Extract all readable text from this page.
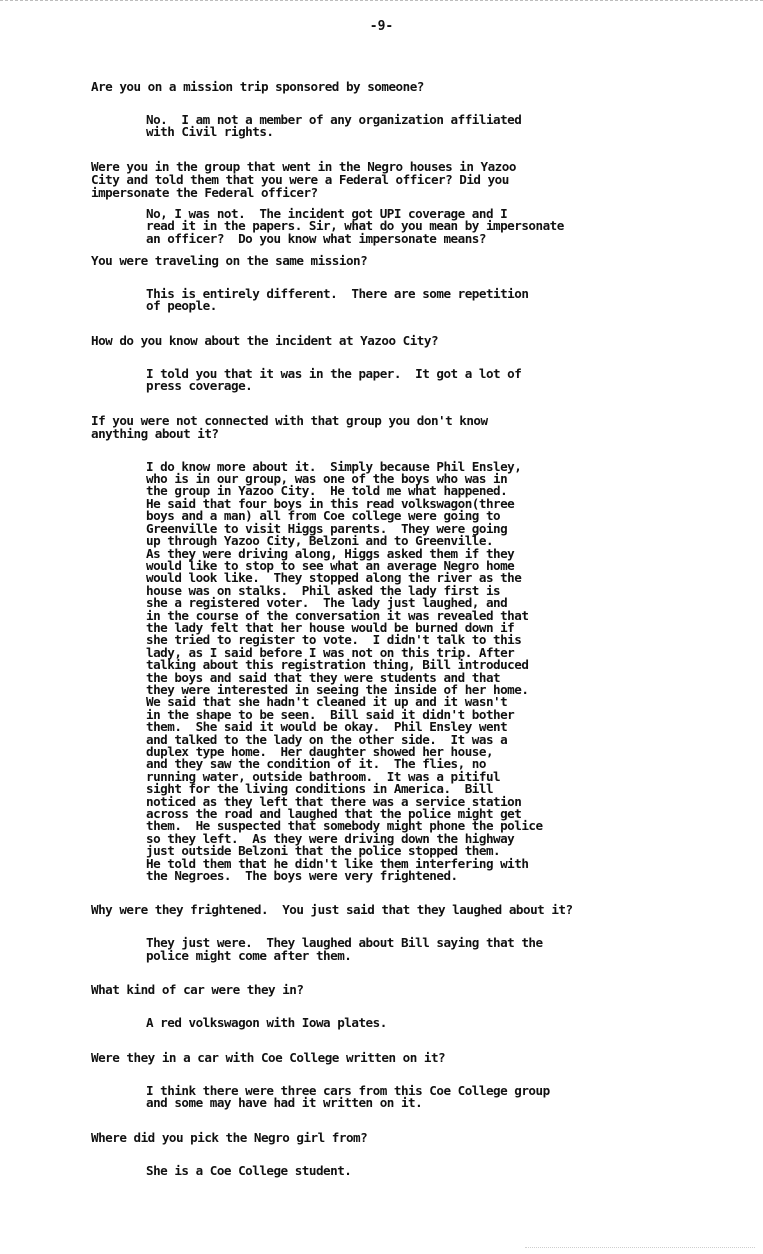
-9-

Are you on a mission trip sponsored by someone?

No.  I am not a member of any organization affiliated

with Civil rights.

Were you in the group that went in the Negro houses in Yazoo

City and told them that you were a Federal officer? Did you

impersonate the Federal officer?

No, I was not.  The incident got UPI coverage and I

read it in the papers. Sir, what do you mean by impersonate

an officer?  Do you know what impersonate means?

You were traveling on the same mission?

This is entirely different.  There are some repetition

of people.

How do you know about the incident at Yazoo City?

I told you that it was in the paper.  It got a lot of

press coverage.

If you were not connected with that group you don't know

anything about it?

I do know more about it.  Simply because Phil Ensley,

who is in our group, was one of the boys who was in

the group in Yazoo City.  He told me what happened.

He said that four boys in this read volkswagon(three

boys and a man) all from Coe college were going to

Greenville to visit Higgs parents.  They were going

up through Yazoo City, Belzoni and to Greenville.

As they were driving along, Higgs asked them if they

would like to stop to see what an average Negro home

would look like.  They stopped along the river as the

house was on stalks.  Phil asked the lady first is

she a registered voter.  The lady just laughed, and

in the course of the conversation it was revealed that

the lady felt that her house would be burned down if

she tried to register to vote.  I didn't talk to this

lady, as I said before I was not on this trip. After

talking about this registration thing, Bill introduced

the boys and said that they were students and that

they were interested in seeing the inside of her home.

We said that she hadn't cleaned it up and it wasn't

in the shape to be seen.  Bill said it didn't bother

them.  She said it would be okay.  Phil Ensley went

and talked to the lady on the other side.  It was a

duplex type home.  Her daughter showed her house,

and they saw the condition of it.  The flies, no

running water, outside bathroom.  It was a pitiful

sight for the living conditions in America.  Bill

noticed as they left that there was a service station

across the road and laughed that the police might get

them.  He suspected that somebody might phone the police

so they left.  As they were driving down the highway

just outside Belzoni that the police stopped them.

He told them that he didn't like them interfering with

the Negroes.  The boys were very frightened.

Why were they frightened.  You just said that they laughed about it?

They just were.  They laughed about Bill saying that the

police might come after them.

What kind of car were they in?

A red volkswagon with Iowa plates.

Were they in a car with Coe College written on it?

I think there were three cars from this Coe College group

and some may have had it written on it.

Where did you pick the Negro girl from?

She is a Coe College student.
